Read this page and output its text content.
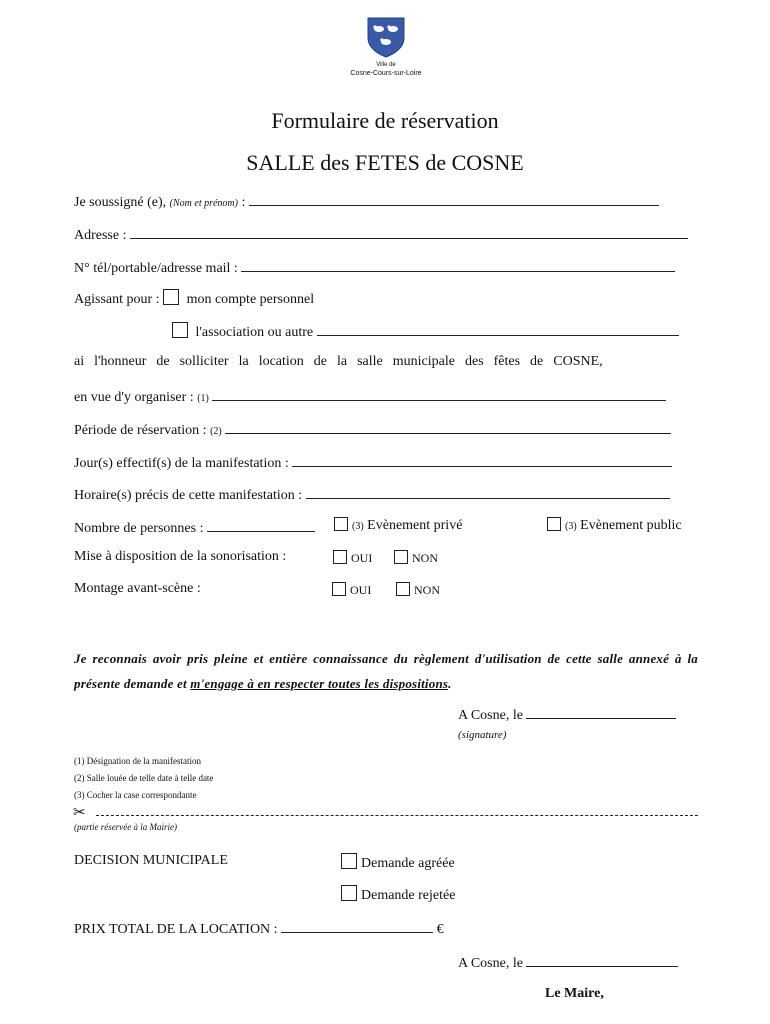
Ville de
Cosne-Cours-sur-Loire
Formulaire de réservation
SALLE des FETES de COSNE
Je soussigné (e), (Nom et prénom) :
Adresse :
N° tél/portable/adresse mail :
Agissant pour : mon compte personnel
l'association ou autre
ai l'honneur de solliciter la location de la salle municipale des fêtes de COSNE,
en vue d'y organiser : (1)
Période de réservation : (2)
Jour(s) effectif(s) de la manifestation :
Horaire(s) précis de cette manifestation :
Nombre de personnes :	(3) Evènement privé	(3) Evènement public
Mise à disposition de la sonorisation :	OUI	NON
Montage avant-scène :	OUI	NON
Je reconnais avoir pris pleine et entière connaissance du règlement d'utilisation de cette salle annexé à la présente demande et m'engage à en respecter toutes les dispositions.
A Cosne, le
(signature)
(1) Désignation de la manifestation
(2) Salle louée de telle date à telle date
(3) Cocher la case correspondante
✂
(partie réservée à la Mairie)
DECISION MUNICIPALE	Demande agréée
Demande rejetée
PRIX TOTAL DE LA LOCATION :	€
A Cosne, le
Le Maire,
